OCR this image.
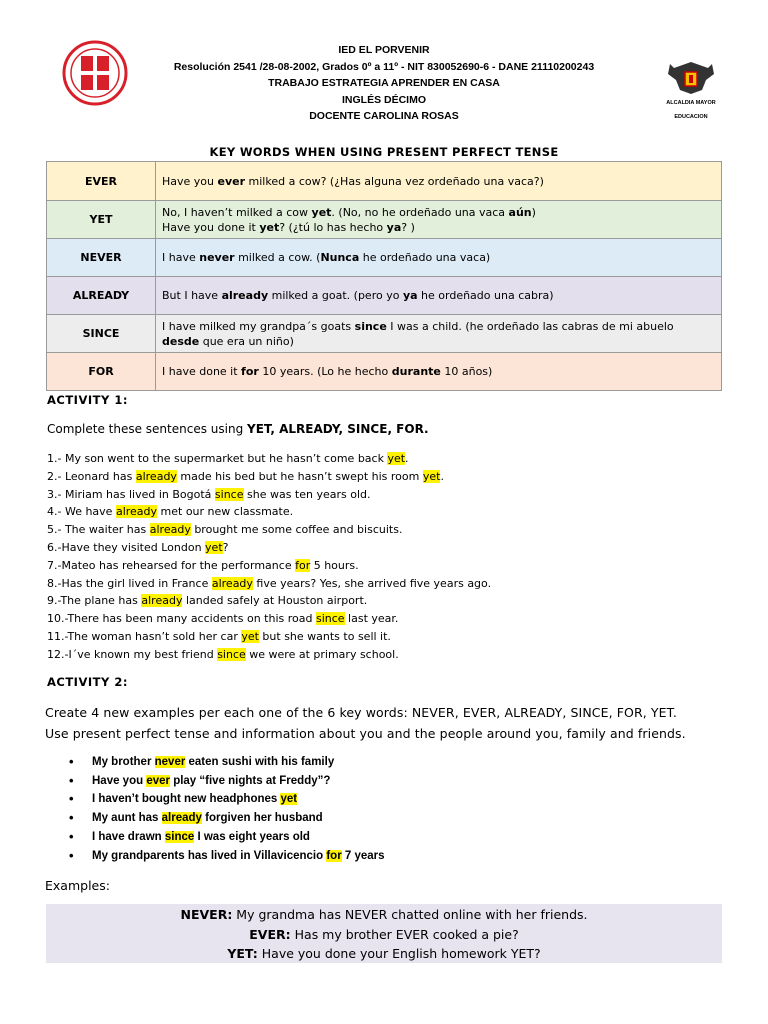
ALCALDIA MAYOR

EDUCACION
IED EL PORVENIR
Resolución 2541 /28-08-2002, Grados 0º a 11º - NIT 830052690-6 - DANE 21110200243
TRABAJO ESTRATEGIA APRENDER EN CASA
INGLÉS DÉCIMO
DOCENTE CAROLINA ROSAS
KEY WORDS WHEN USING PRESENT PERFECT TENSE
EVER	Have you ever milked a cow? (¿Has alguna vez ordeñado una vaca?)
YET	No, I haven’t milked a cow yet. (No, no he ordeñado una vaca aún)
Have you done it yet? (¿tú lo has hecho ya? )

NEVER	I have never milked a cow. (Nunca he ordeñado una vaca)
ALREADY	But I have already milked a goat. (pero yo ya he ordeñado una cabra)
SINCE	I have milked my grandpa´s goats since I was a child. (he ordeñado las cabras de mi abuelo
desde que era un niño)

FOR	I have done it for 10 years. (Lo he hecho durante 10 años)
ACTIVITY 1:
Complete these sentences using YET, ALREADY, SINCE, FOR.
1.- My son went to the supermarket but he hasn’t come back yet.
2.- Leonard has already made his bed but he hasn’t swept his room yet.
3.- Miriam has lived in Bogotá since she was ten years old.
4.- We have already met our new classmate.
5.- The waiter has already brought me some coffee and biscuits.
6.-Have they visited London yet?
7.-Mateo has rehearsed for the performance for 5 hours.
8.-Has the girl lived in France already five years? Yes, she arrived five years ago.
9.-The plane has already landed safely at Houston airport.
10.-There has been many accidents on this road since last year.
11.-The woman hasn’t sold her car yet but she wants to sell it.
12.-I´ve known my best friend since we were at primary school.
ACTIVITY 2:
Create 4 new examples per each one of the 6 key words: NEVER, EVER, ALREADY, SINCE, FOR, YET.
Use present perfect tense and information about you and the people around you, family and friends.
• My brother never eaten sushi with his family
• Have you ever play “five nights at Freddy”?
• I haven’t bought new headphones yet
• My aunt has already forgiven her husband
• I have drawn since I was eight years old
• My grandparents has lived in Villavicencio for 7 years
Examples:
NEVER: My grandma has NEVER chatted online with her friends.
EVER: Has my brother EVER cooked a pie?
YET: Have you done your English homework YET?
